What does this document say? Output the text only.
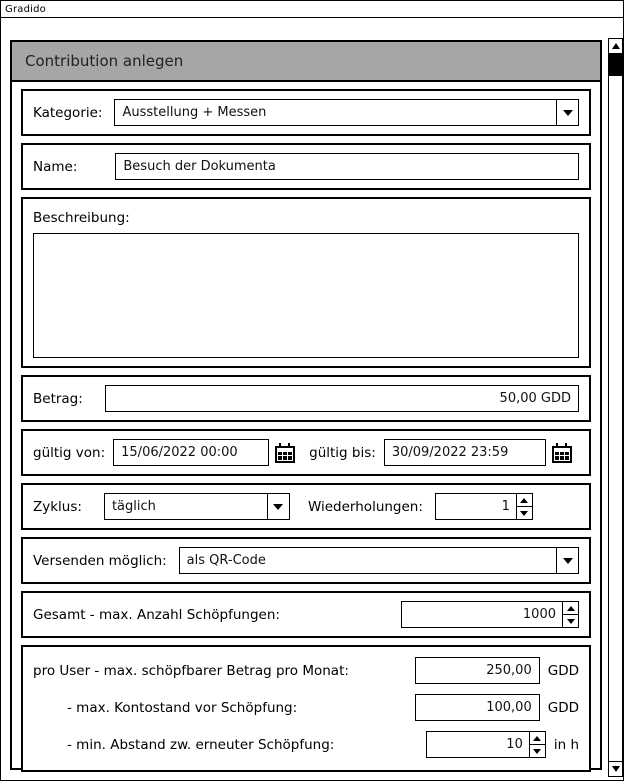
Gradido
Contribution anlegen
Kategorie: Ausstellung + Messen
Name:	Besuch der Dokumenta
Beschreibung:
Betrag:	50,00 GDD
gültig von: 15/06/2022 00:00	gültig bis: 30/09/2022 23:59
Zyklus: täglich	Wiederholungen:	1
Versenden möglich: als QR-Code
Gesamt - max. Anzahl Schöpfungen:	1000
pro User - max. schöpfbarer Betrag pro Monat:	250,00 GDD
- max. Kontostand vor Schöpfung:	100,00 GDD
- min. Abstand zw. erneuter Schöpfung:	10	in h
